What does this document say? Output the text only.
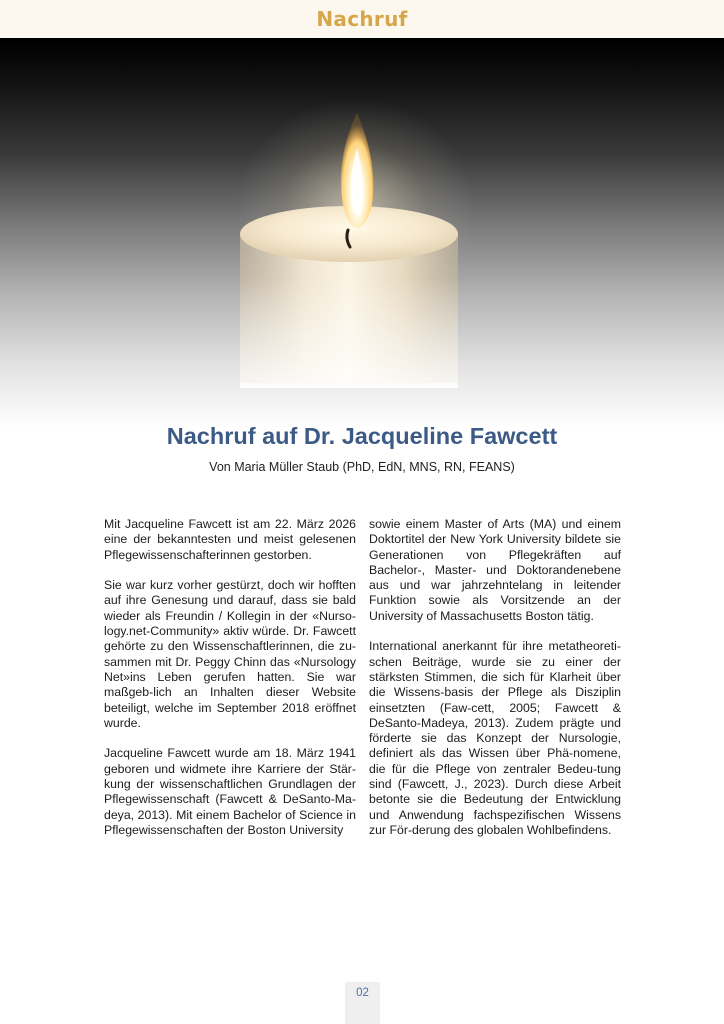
Nachruf
Nachruf auf Dr. Jacqueline Fawcett
Von Maria Müller Staub (PhD, EdN, MNS, RN, FEANS)

Mit Jacqueline Fawcett ist am 22. März 2026 eine der bekanntesten und meist gelesenen Pflegewissenschafterinnen gestorben.

Sie war kurz vorher gestürzt, doch wir hofften auf ihre Genesung und darauf, dass sie bald wieder als Freundin / Kollegin in der «Nurso-logy.net-Community» aktiv würde. Dr. Fawcett gehörte zu den Wissenschaftlerinnen, die zu-sammen mit Dr. Peggy Chinn das «Nursology Net»ins Leben gerufen hatten. Sie war maßgeb-lich an Inhalten dieser Website beteiligt, welche im September 2018 eröffnet wurde.

Jacqueline Fawcett wurde am 18. März 1941 geboren und widmete ihre Karriere der Stär-kung der wissenschaftlichen Grundlagen der Pflegewissenschaft (Fawcett & DeSanto-Ma-deya, 2013). Mit einem Bachelor of Science in Pflegewissenschaften der Boston University

sowie einem Master of Arts (MA) und einem Doktortitel der New York University bildete sie Generationen von Pflegekräften auf Bachelor-, Master- und Doktorandenebene aus und war jahrzehntelang in leitender Funktion sowie als Vorsitzende an der University of Massachusetts Boston tätig.

International anerkannt für ihre metatheoreti-schen Beiträge, wurde sie zu einer der stärksten Stimmen, die sich für Klarheit über die Wissens-basis der Pflege als Disziplin einsetzten (Faw-cett, 2005; Fawcett & DeSanto-Madeya, 2013). Zudem prägte und förderte sie das Konzept der Nursologie, definiert als das Wissen über Phä-nomene, die für die Pflege von zentraler Bedeu-tung sind (Fawcett, J., 2023). Durch diese Arbeit betonte sie die Bedeutung der Entwicklung und Anwendung fachspezifischen Wissens zur För-derung des globalen Wohlbefindens.

02
